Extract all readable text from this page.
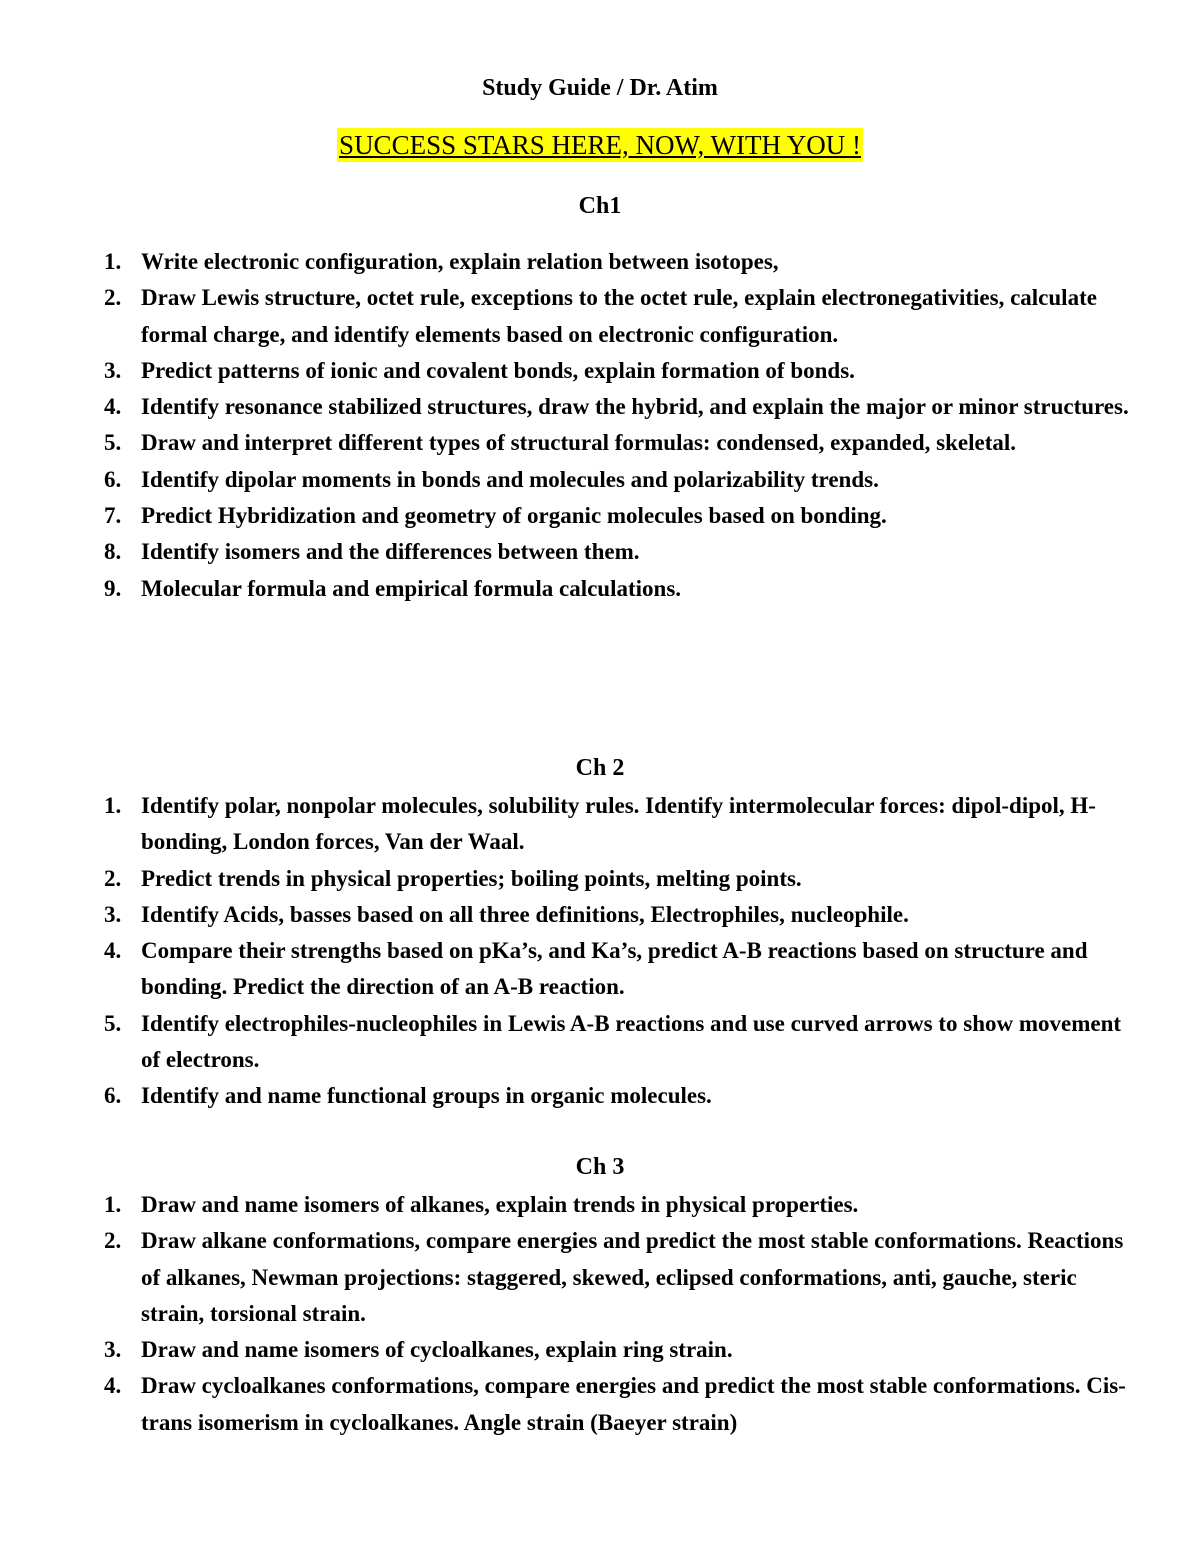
Study Guide / Dr. Atim
SUCCESS STARS HERE, NOW, WITH YOU !
Ch1
1. Write electronic configuration, explain relation between isotopes,
2. Draw Lewis structure, octet rule, exceptions to the octet rule, explain electronegativities, calculate formal charge, and identify elements based on electronic configuration.
3. Predict patterns of ionic and covalent bonds, explain formation of bonds.
4. Identify resonance stabilized structures, draw the hybrid, and explain the major or minor structures.
5. Draw and interpret different types of structural formulas: condensed, expanded, skeletal.
6. Identify dipolar moments in bonds and molecules and polarizability trends.
7. Predict Hybridization and geometry of organic molecules based on bonding.
8. Identify isomers and the differences between them.
9. Molecular formula and empirical formula calculations.
Ch 2
1. Identify polar, nonpolar molecules, solubility rules. Identify intermolecular forces: dipol-dipol, H-bonding, London forces, Van der Waal.
2. Predict trends in physical properties; boiling points, melting points.
3. Identify Acids, basses based on all three definitions, Electrophiles, nucleophile.
4. Compare their strengths based on pKa’s, and Ka’s, predict A-B reactions based on structure and bonding. Predict the direction of an A-B reaction.
5. Identify electrophiles-nucleophiles in Lewis A-B reactions and use curved arrows to show movement of electrons.
6. Identify and name functional groups in organic molecules.
Ch 3
1. Draw and name isomers of alkanes, explain trends in physical properties.
2. Draw alkane conformations, compare energies and predict the most stable conformations. Reactions of alkanes, Newman projections: staggered, skewed, eclipsed conformations, anti, gauche, steric strain, torsional strain.
3. Draw and name isomers of cycloalkanes, explain ring strain.
4. Draw cycloalkanes conformations, compare energies and predict the most stable conformations. Cis-trans isomerism in cycloalkanes. Angle strain (Baeyer strain)
